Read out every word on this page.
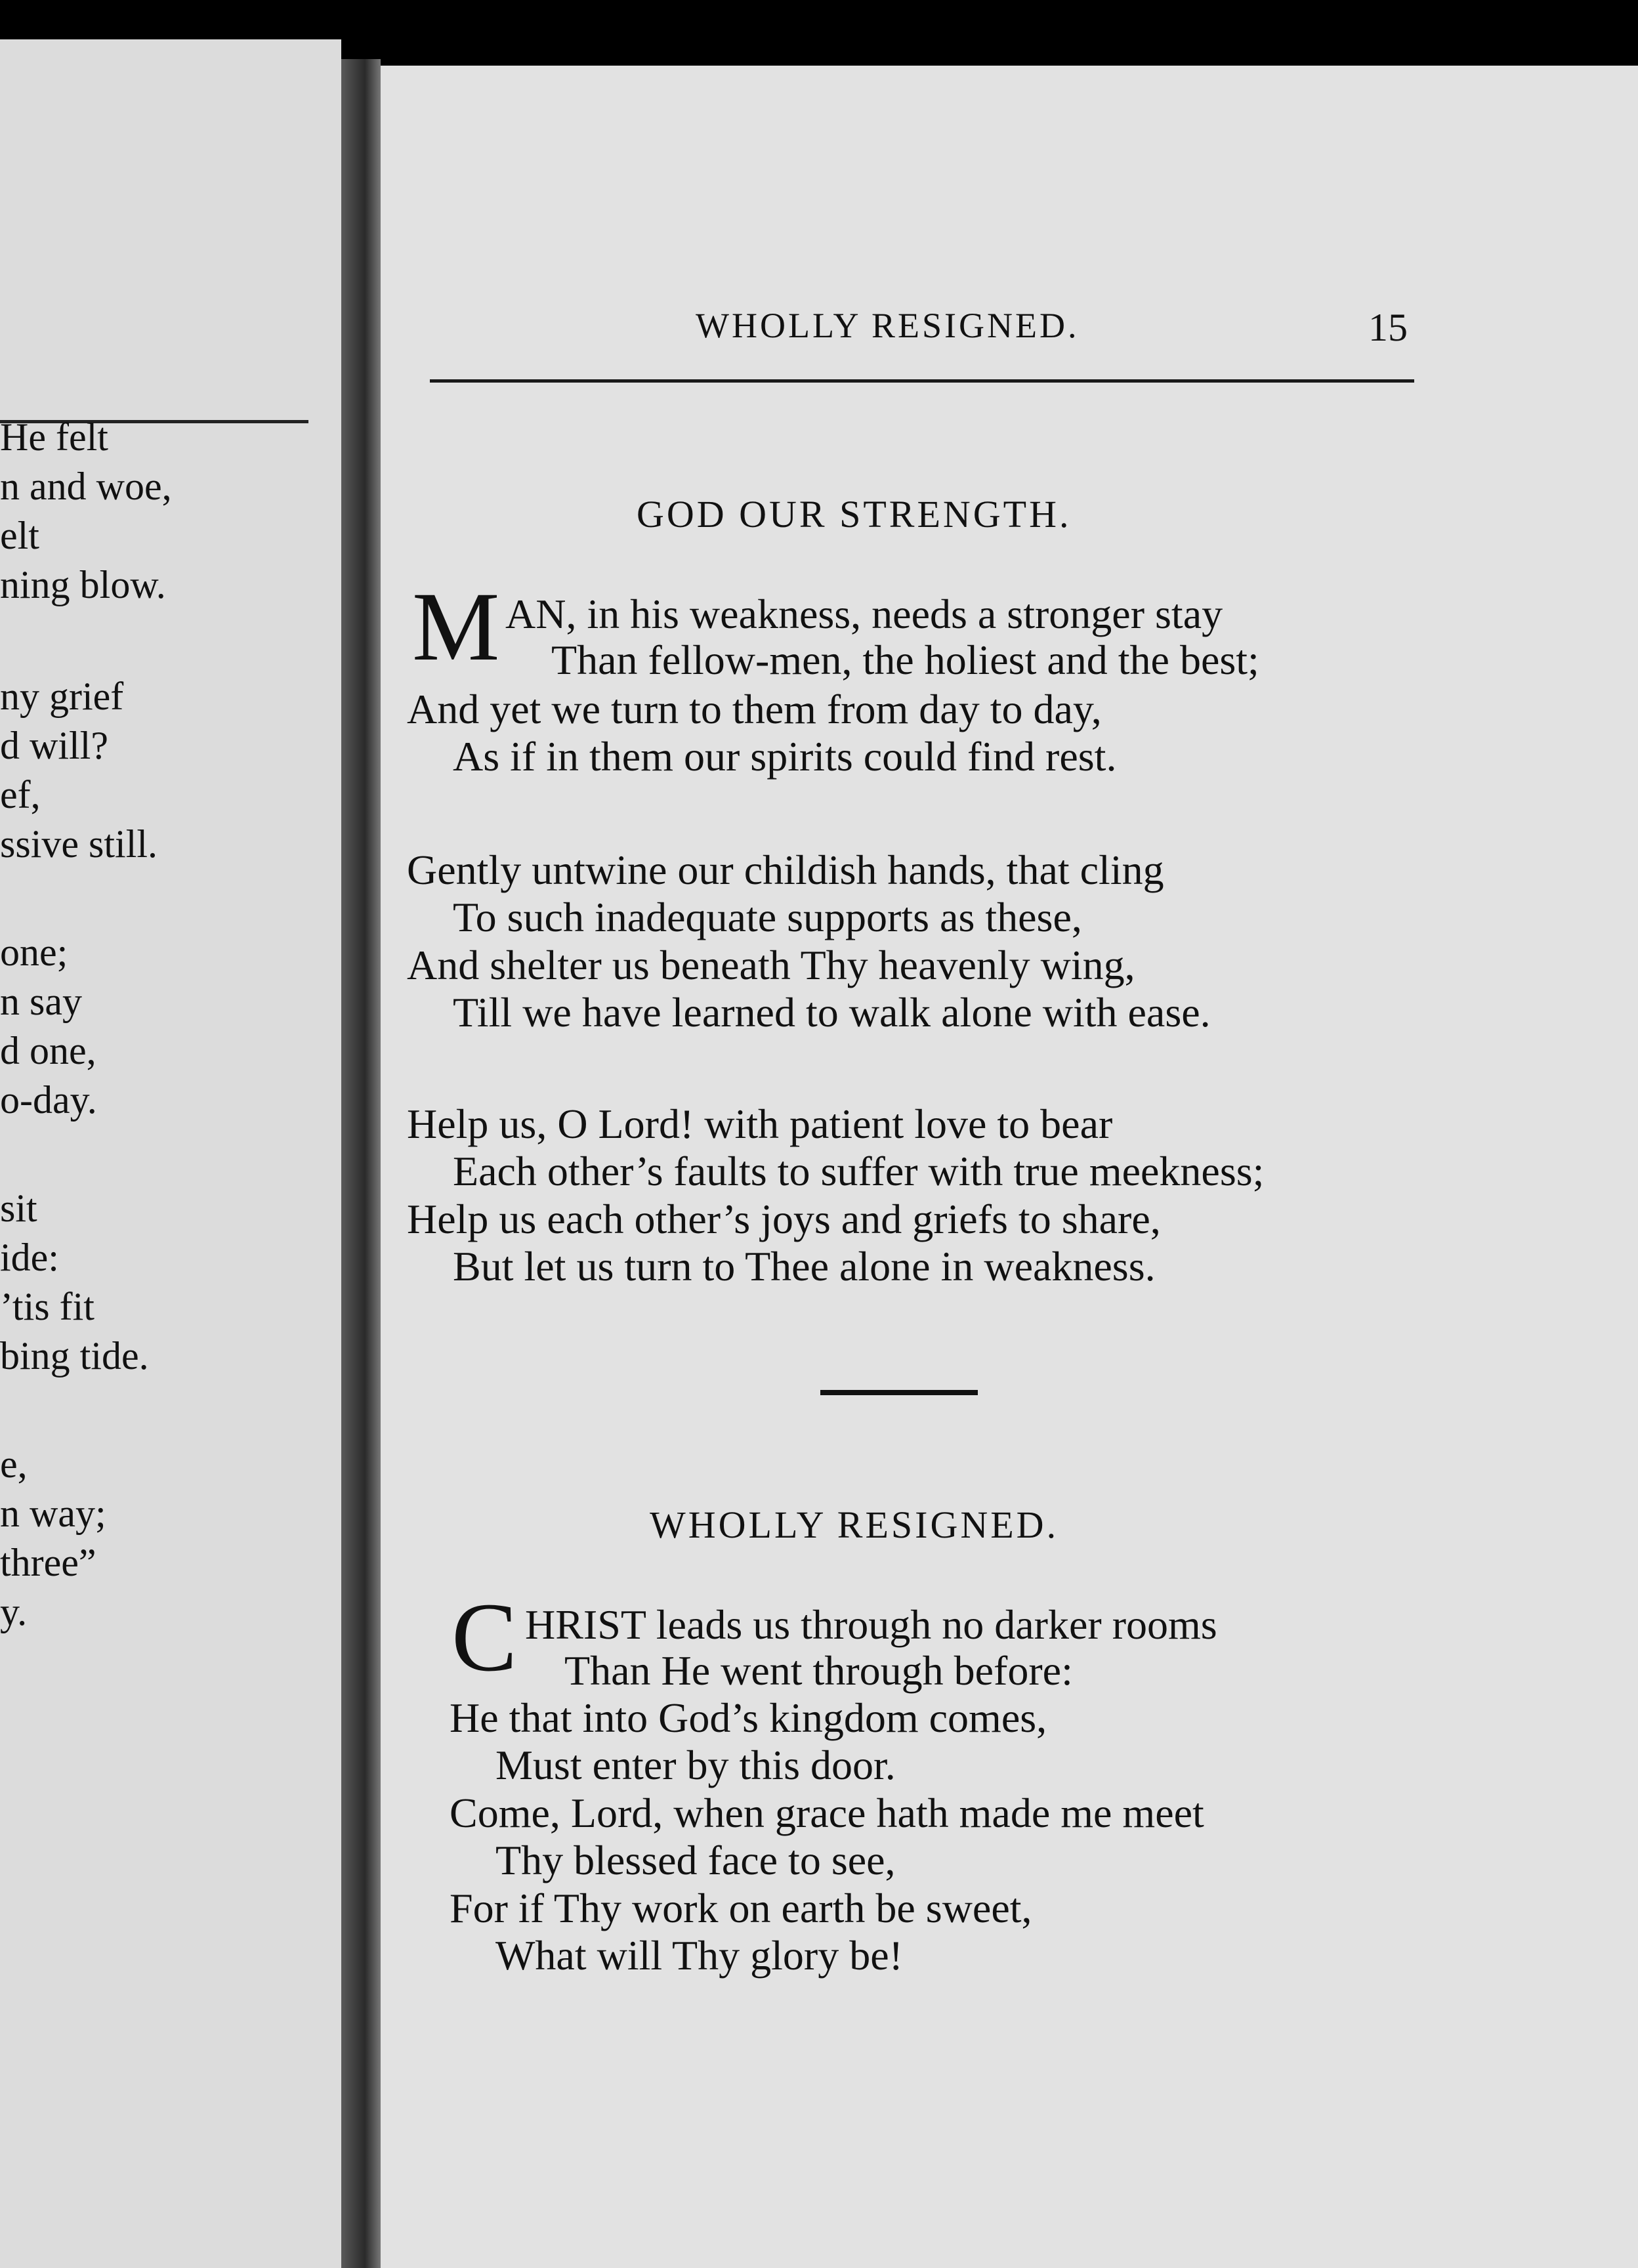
He felt
n and woe,
elt
ning blow.
ny grief
d will?
ef,
ssive still.
one;
n say
d one,
o-day.
sit
ide:
’tis fit
bing tide.
e,
n way;
three”
y.
WHOLLY RESIGNED.	15
GOD OUR STRENGTH.
M AN, in his weakness, needs a stronger stay
Than fellow-men, the holiest and the best;
And yet we turn to them from day to day,
As if in them our spirits could find rest.
Gently untwine our childish hands, that cling
To such inadequate supports as these,
And shelter us beneath Thy heavenly wing,
Till we have learned to walk alone with ease.
Help us, O Lord! with patient love to bear
Each other’s faults to suffer with true meekness;
Help us each other’s joys and griefs to share,
But let us turn to Thee alone in weakness.
WHOLLY RESIGNED.
C HRIST leads us through no darker rooms
Than He went through before:
He that into God’s kingdom comes,
Must enter by this door.
Come, Lord, when grace hath made me meet
Thy blessed face to see,
For if Thy work on earth be sweet,
What will Thy glory be!
